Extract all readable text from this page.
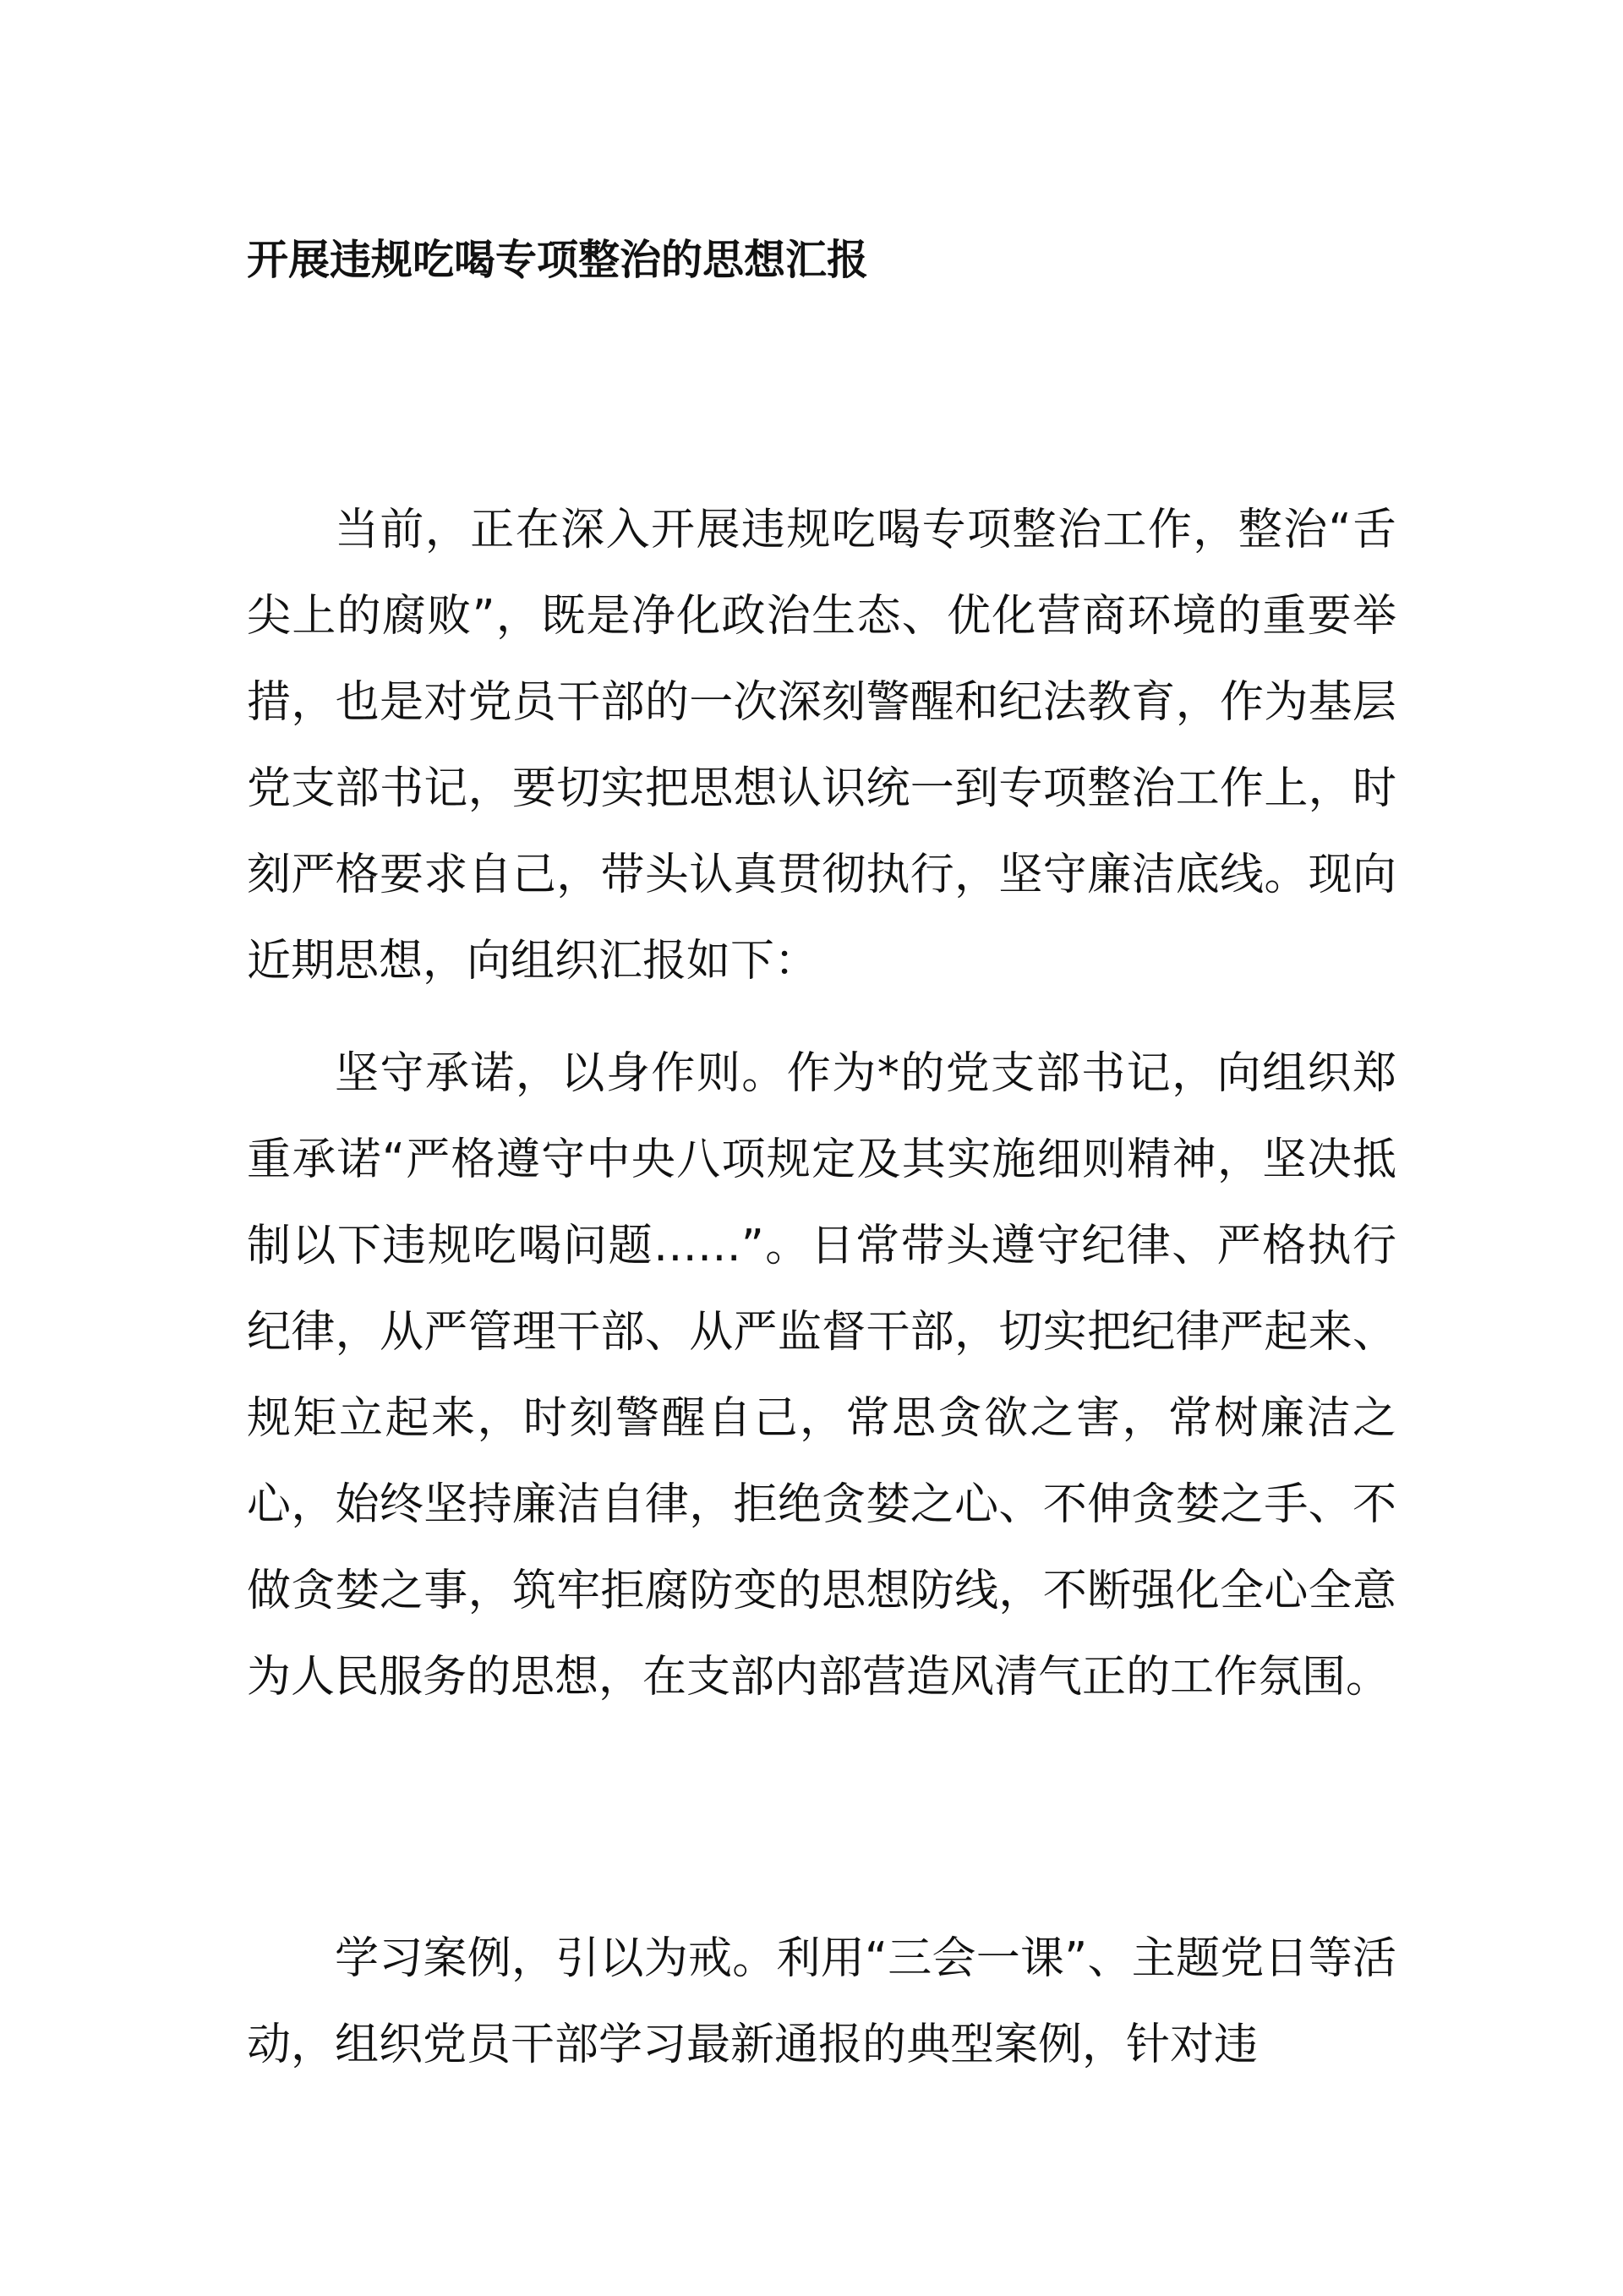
开展违规吃喝专项整治的思想汇报

当前，正在深入开展违规吃喝专项整治工作，整治“舌尖上的腐败”，既是净化政治生态、优化营商环境的重要举措，也是对党员干部的一次深刻警醒和纪法教育，作为基层党支部书记，要切实把思想认识统一到专项整治工作上，时刻严格要求自己，带头认真贯彻执行，坚守廉洁底线。现向近期思想，向组织汇报如下：

坚守承诺，以身作则。作为*的党支部书记，向组织郑重承诺“严格遵守中央八项规定及其实施细则精神，坚决抵制以下违规吃喝问题……”。日常带头遵守纪律、严格执行纪律，从严管理干部、从严监督干部，切实把纪律严起来、规矩立起来，时刻警醒自己，常思贪欲之害，常树廉洁之心，始终坚持廉洁自律，拒绝贪婪之心、不伸贪婪之手、不做贪婪之事，筑牢拒腐防变的思想防线，不断强化全心全意为人民服务的思想，在支部内部营造风清气正的工作氛围。

学习案例，引以为戒。利用“三会一课”、主题党日等活动，组织党员干部学习最新通报的典型案例，针对违
